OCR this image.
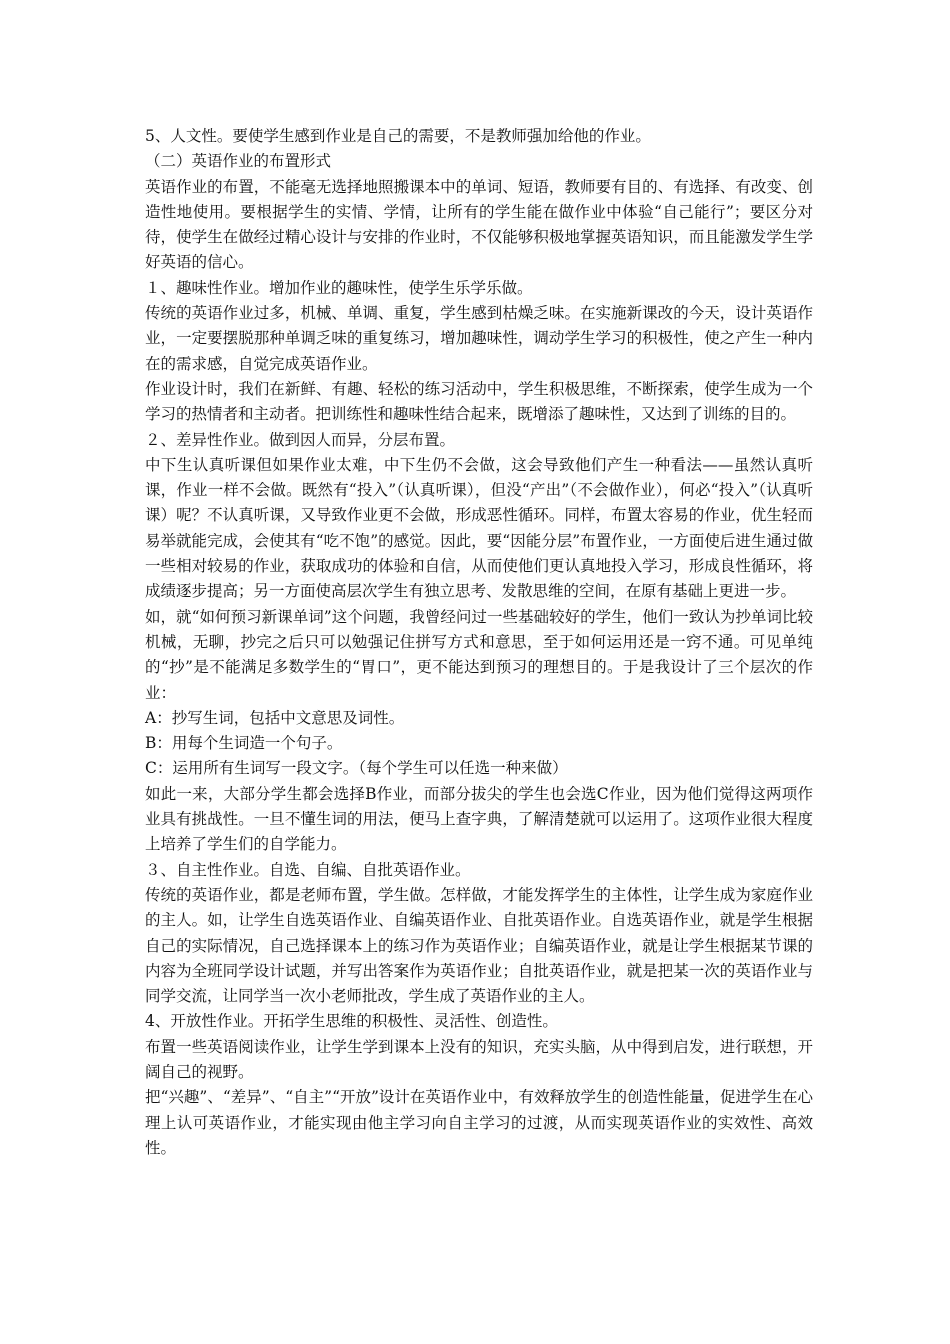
5、人文性。要使学生感到作业是自己的需要，不是教师强加给他的作业。

（二）英语作业的布置形式

英语作业的布置，不能毫无选择地照搬课本中的单词、短语，教师要有目的、有选择、有改变、创造性地使用。要根据学生的实情、学情，让所有的学生能在做作业中体验“自己能行”；要区分对待，使学生在做经过精心设计与安排的作业时，不仅能够积极地掌握英语知识，而且能激发学生学好英语的信心。

１、趣味性作业。增加作业的趣味性，使学生乐学乐做。

传统的英语作业过多，机械、单调、重复，学生感到枯燥乏味。在实施新课改的今天，设计英语作业，一定要摆脱那种单调乏味的重复练习，增加趣味性，调动学生学习的积极性，使之产生一种内在的需求感，自觉完成英语作业。

作业设计时，我们在新鲜、有趣、轻松的练习活动中，学生积极思维，不断探索，使学生成为一个学习的热情者和主动者。把训练性和趣味性结合起来，既增添了趣味性，又达到了训练的目的。

２、差异性作业。做到因人而异，分层布置。

中下生认真听课但如果作业太难，中下生仍不会做，这会导致他们产生一种看法——虽然认真听课，作业一样不会做。既然有“投入”（认真听课），但没“产出”（不会做作业），何必“投入”（认真听课）呢？不认真听课，又导致作业更不会做，形成恶性循环。同样，布置太容易的作业，优生轻而易举就能完成，会使其有“吃不饱”的感觉。因此，要“因能分层”布置作业，一方面使后进生通过做一些相对较易的作业，获取成功的体验和自信，从而使他们更认真地投入学习，形成良性循环，将成绩逐步提高；另一方面使高层次学生有独立思考、发散思维的空间，在原有基础上更进一步。

如，就“如何预习新课单词”这个问题，我曾经问过一些基础较好的学生，他们一致认为抄单词比较机械，无聊，抄完之后只可以勉强记住拼写方式和意思，至于如何运用还是一窍不通。可见单纯的“抄”是不能满足多数学生的“胃口”，更不能达到预习的理想目的。于是我设计了三个层次的作业：

A：抄写生词，包括中文意思及词性。

B：用每个生词造一个句子。

C：运用所有生词写一段文字。（每个学生可以任选一种来做）

如此一来，大部分学生都会选择B作业，而部分拔尖的学生也会选C作业，因为他们觉得这两项作业具有挑战性。一旦不懂生词的用法，便马上查字典，了解清楚就可以运用了。这项作业很大程度上培养了学生们的自学能力。

３、自主性作业。自选、自编、自批英语作业。

传统的英语作业，都是老师布置，学生做。怎样做，才能发挥学生的主体性，让学生成为家庭作业的主人。如，让学生自选英语作业、自编英语作业、自批英语作业。自选英语作业，就是学生根据自己的实际情况，自己选择课本上的练习作为英语作业；自编英语作业，就是让学生根据某节课的内容为全班同学设计试题，并写出答案作为英语作业；自批英语作业，就是把某一次的英语作业与同学交流，让同学当一次小老师批改，学生成了英语作业的主人。

4、开放性作业。开拓学生思维的积极性、灵活性、创造性。

布置一些英语阅读作业，让学生学到课本上没有的知识，充实头脑，从中得到启发，进行联想，开阔自己的视野。

把“兴趣”、“差异”、“自主”“开放”设计在英语作业中，有效释放学生的创造性能量，促进学生在心理上认可英语作业，才能实现由他主学习向自主学习的过渡，从而实现英语作业的实效性、高效性。
